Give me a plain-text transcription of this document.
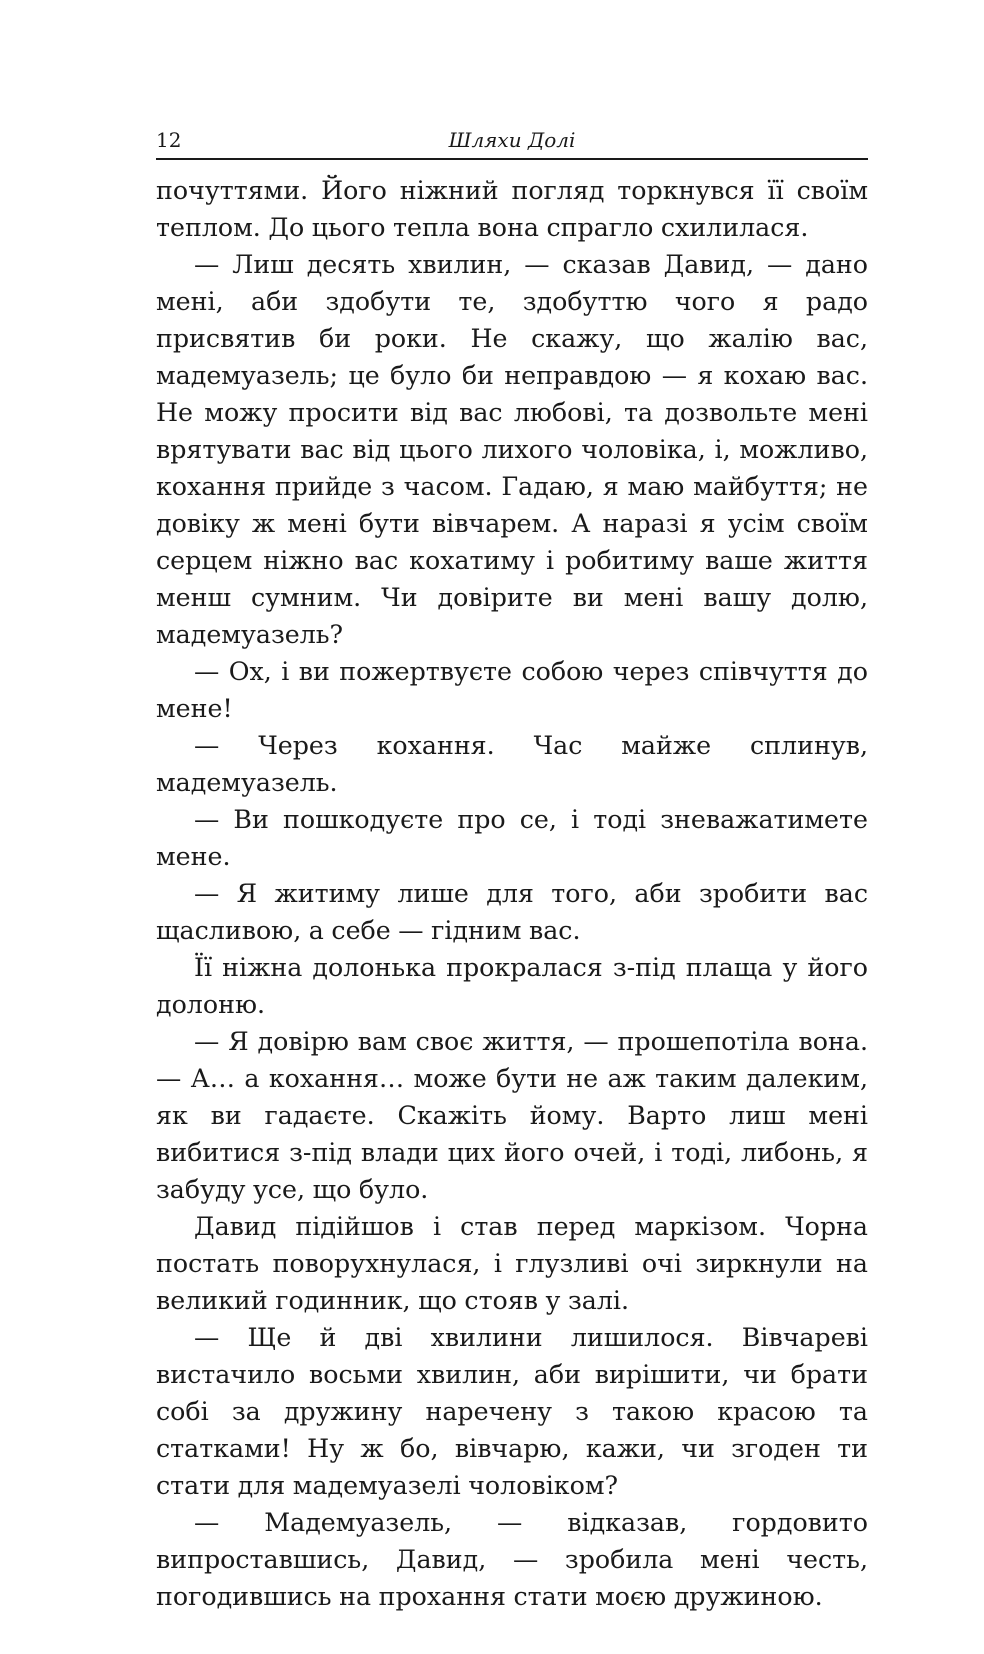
12	Шляхи Долі

почуттями. Його ніжний погляд торкнувся її своїм теплом. До цього тепла вона спрагло схилилася.

— Лиш десять хвилин, — сказав Давид, — дано мені, аби здобути те, здобуттю чого я радо присвятив би роки. Не скажу, що жалію вас, мадемуазель; це було би неправдою — я кохаю вас. Не можу просити від вас любові, та дозвольте мені врятувати вас від цього лихого чоловіка, і, можливо, кохання прийде з часом. Гадаю, я маю майбуття; не довіку ж мені бути вівчарем. А наразі я усім своїм серцем ніжно вас кохатиму і робитиму ваше життя менш сумним. Чи довірите ви мені вашу долю, мадемуазель?

— Ох, і ви пожертвуєте собою через співчуття до мене!

— Через кохання. Час майже сплинув, мадемуазель.

— Ви пошкодуєте про се, і тоді зневажатимете мене.

— Я житиму лише для того, аби зробити вас щасливою, а себе — гідним вас.

Її ніжна долонька прокралася з-під плаща у його долоню.

— Я довірю вам своє життя, — прошепотіла вона. — А… а кохання… може бути не аж таким далеким, як ви гадаєте. Скажіть йому. Варто лиш мені вибитися з-під влади цих його очей, і тоді, либонь, я забуду усе, що було.

Давид підійшов і став перед маркізом. Чорна постать поворухнулася, і глузливі очі зиркнули на великий годинник, що стояв у залі.

— Ще й дві хвилини лишилося. Вівчареві вистачило восьми хвилин, аби вирішити, чи брати собі за дружину наречену з такою красою та статками! Ну ж бо, вівчарю, кажи, чи згоден ти стати для мадемуазелі чоловіком?

— Мадемуазель, — відказав, гордовито випроставшись, Давид, — зробила мені честь, погодившись на прохання стати моєю дружиною.
